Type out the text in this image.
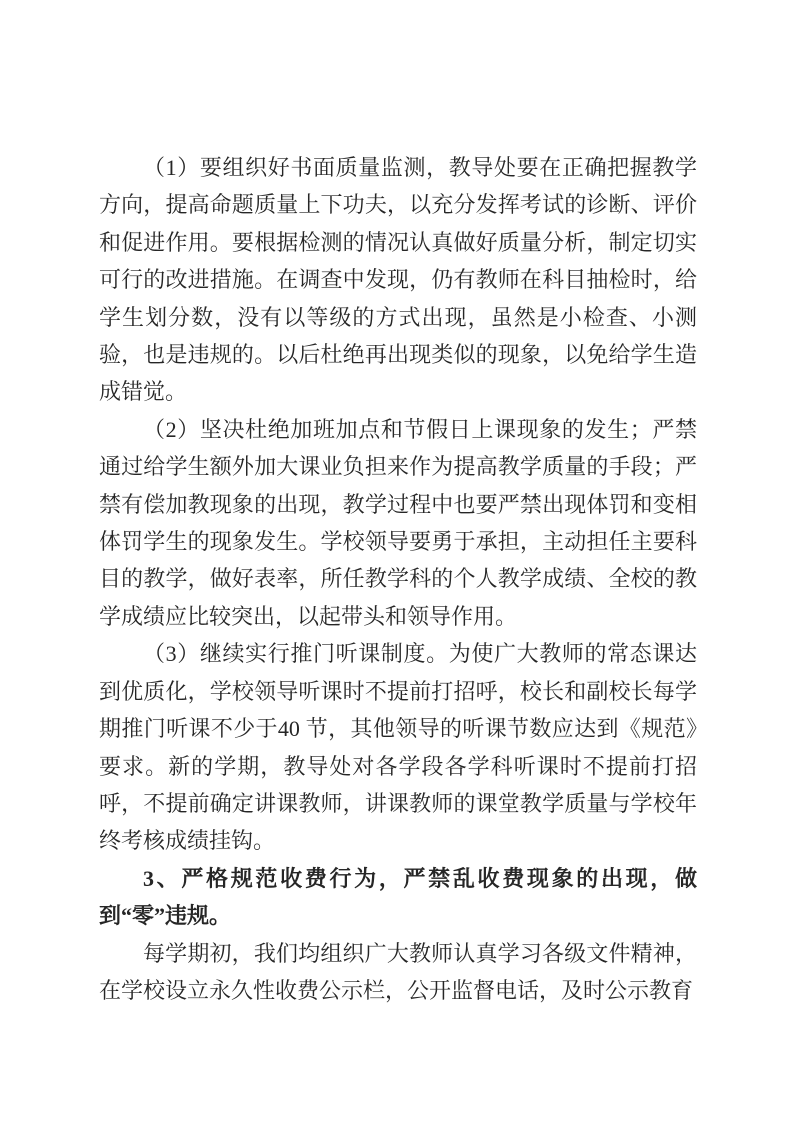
（1）要组织好书面质量监测，教导处要在正确把握教学方向，提高命题质量上下功夫，以充分发挥考试的诊断、评价和促进作用。要根据检测的情况认真做好质量分析，制定切实可行的改进措施。在调查中发现，仍有教师在科目抽检时，给学生划分数，没有以等级的方式出现，虽然是小检查、小测验，也是违规的。以后杜绝再出现类似的现象，以免给学生造成错觉。

（2）坚决杜绝加班加点和节假日上课现象的发生；严禁通过给学生额外加大课业负担来作为提高教学质量的手段；严禁有偿加教现象的出现，教学过程中也要严禁出现体罚和变相体罚学生的现象发生。学校领导要勇于承担，主动担任主要科目的教学，做好表率，所任教学科的个人教学成绩、全校的教学成绩应比较突出，以起带头和领导作用。

（3）继续实行推门听课制度。为使广大教师的常态课达到优质化，学校领导听课时不提前打招呼，校长和副校长每学期推门听课不少于40 节，其他领导的听课节数应达到《规范》要求。新的学期，教导处对各学段各学科听课时不提前打招呼，不提前确定讲课教师，讲课教师的课堂教学质量与学校年终考核成绩挂钩。

3、严格规范收费行为，严禁乱收费现象的出现，做到“零”违规。

每学期初，我们均组织广大教师认真学习各级文件精神，在学校设立永久性收费公示栏，公开监督电话，及时公示教育
